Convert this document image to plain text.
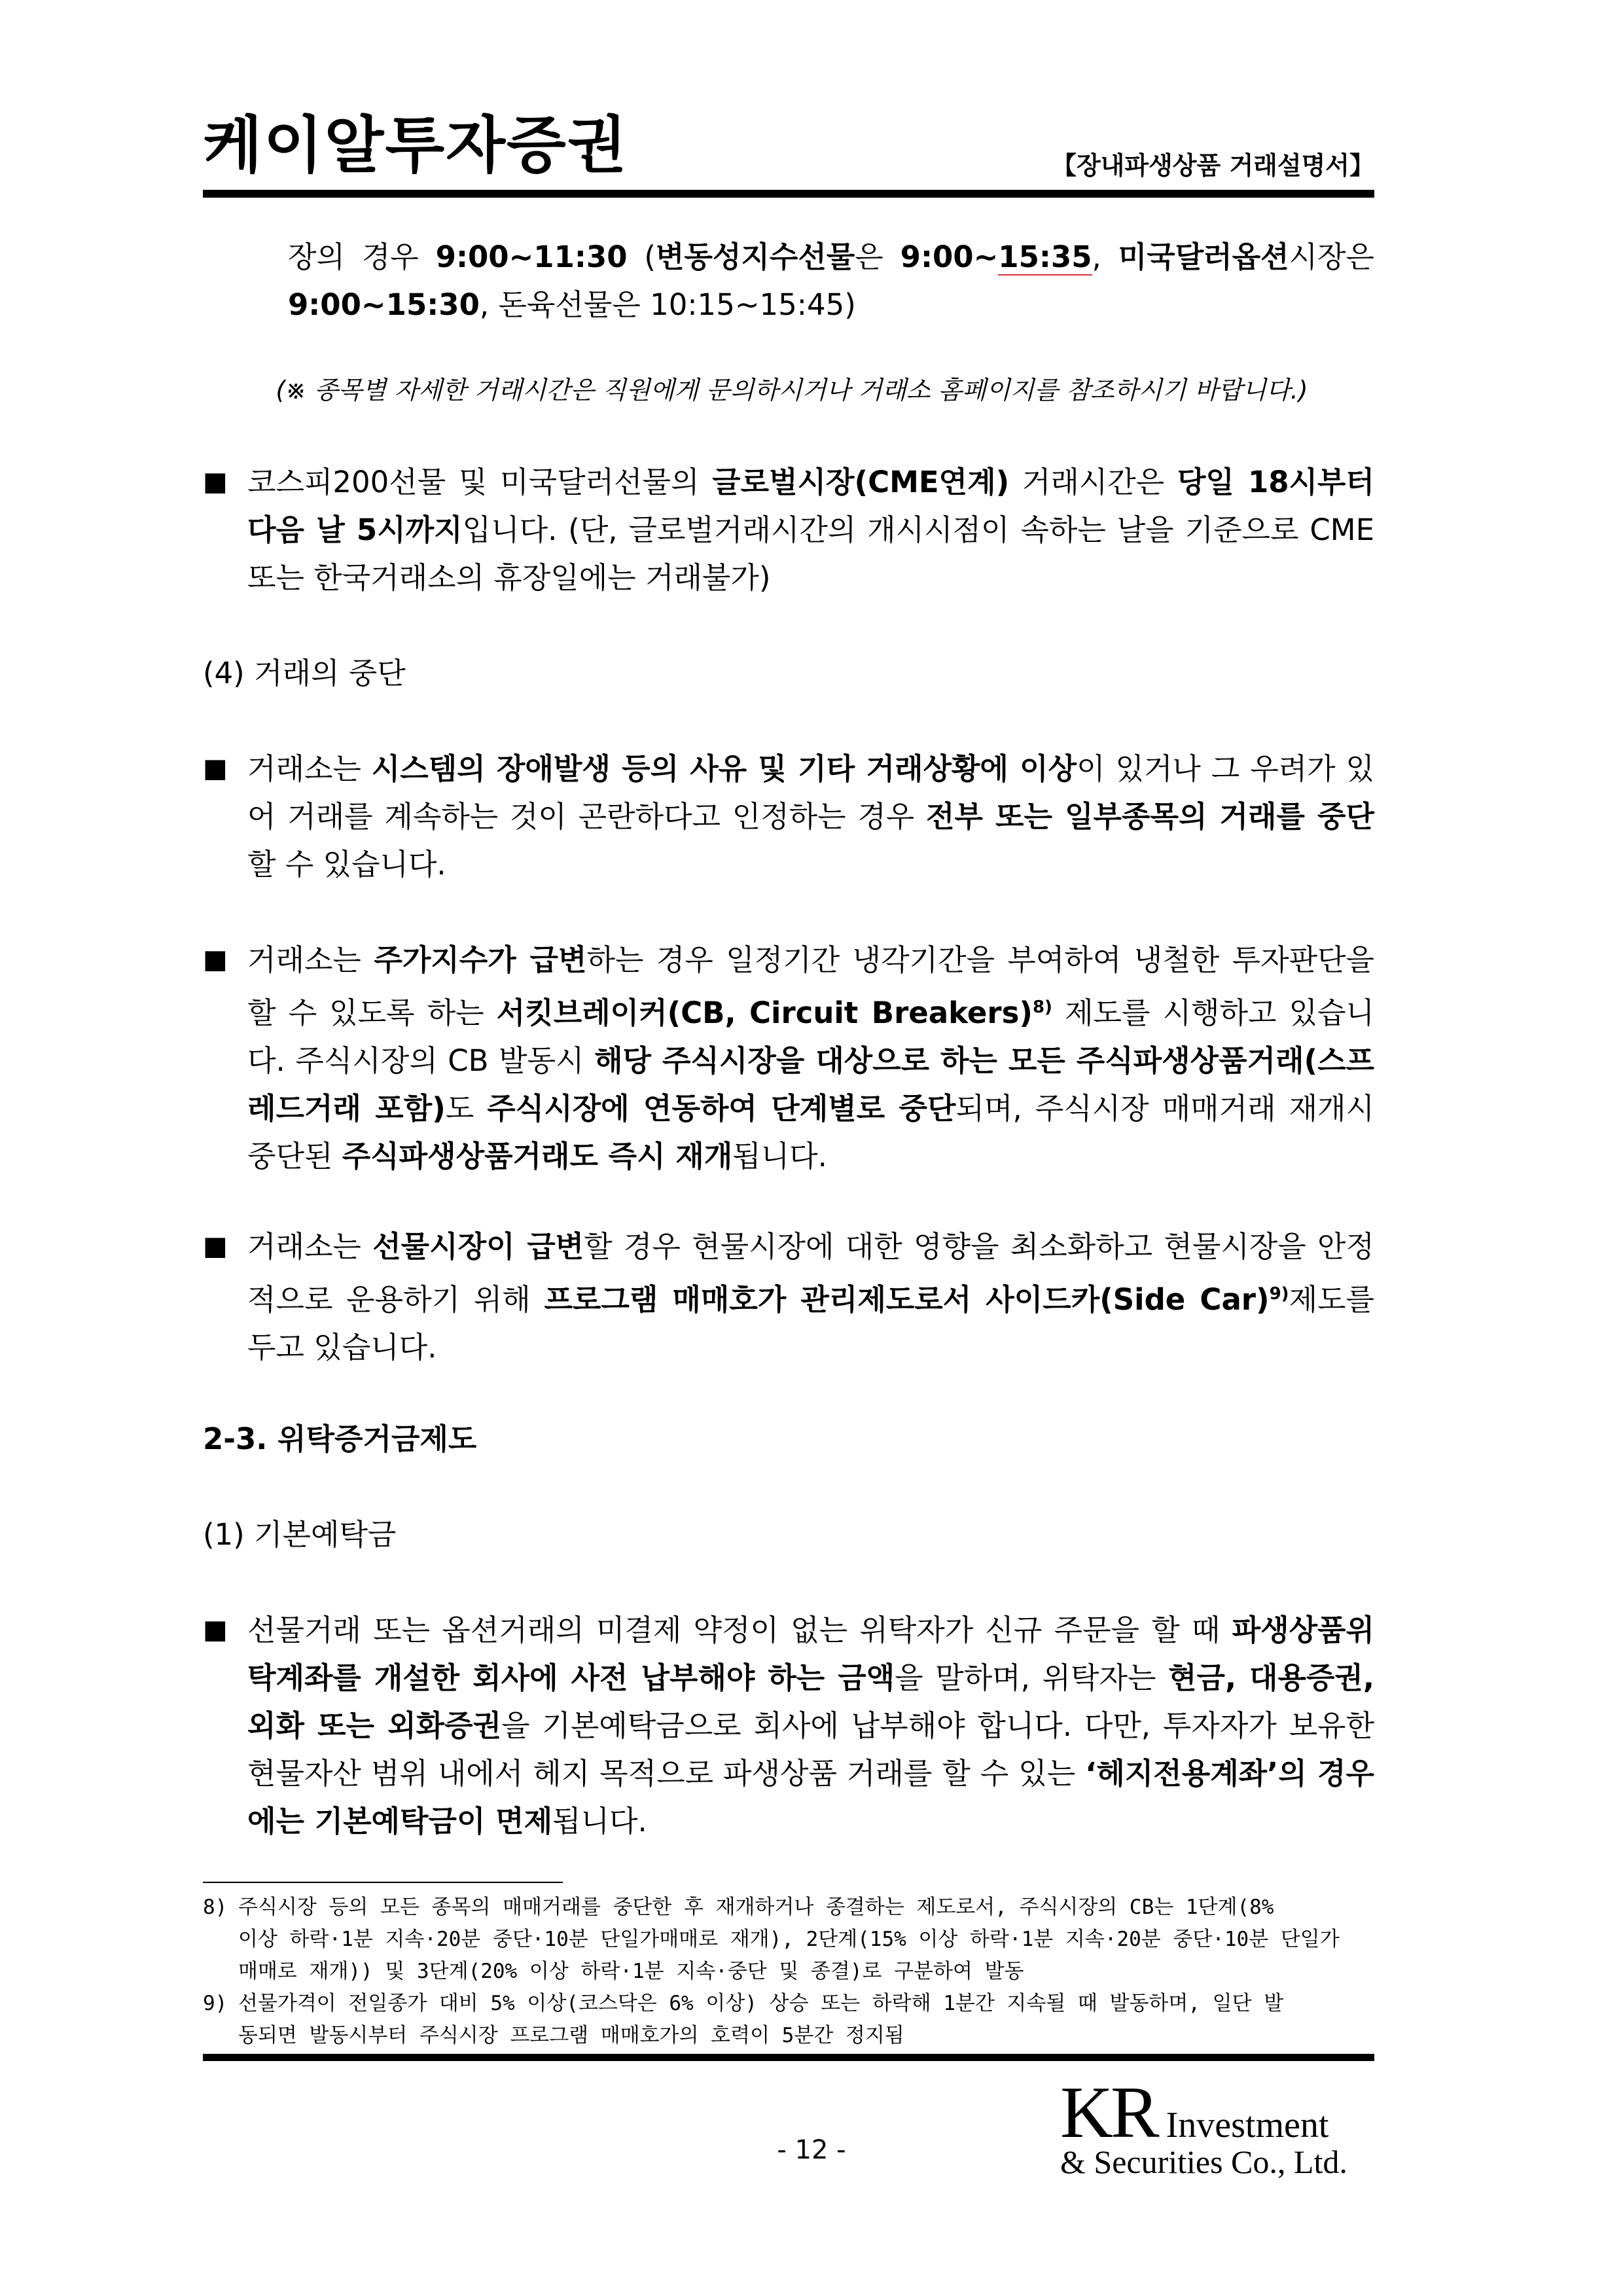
케이알투자증권	【장내파생상품 거래설명서】
장의 경우 9:00~11:30 (변동성지수선물은 9:00~15:35, 미국달러옵션시장은 9:00~15:30, 돈육선물은 10:15~15:45)
(※ 종목별 자세한 거래시간은 직원에게 문의하시거나 거래소 홈페이지를 참조하시기 바랍니다.)
■ 코스피200선물 및 미국달러선물의 글로벌시장(CME연계) 거래시간은 당일 18시부터 다음 날 5시까지입니다. (단, 글로벌거래시간의 개시시점이 속하는 날을 기준으로 CME 또는 한국거래소의 휴장일에는 거래불가)
(4) 거래의 중단
■ 거래소는 시스템의 장애발생 등의 사유 및 기타 거래상황에 이상이 있거나 그 우려가 있어 거래를 계속하는 것이 곤란하다고 인정하는 경우 전부 또는 일부종목의 거래를 중단할 수 있습니다.
■ 거래소는 주가지수가 급변하는 경우 일정기간 냉각기간을 부여하여 냉철한 투자판단을 할 수 있도록 하는 서킷브레이커(CB, Circuit Breakers)$^{8)}$ 제도를 시행하고 있습니다. 주식시장의 CB 발동시 해당 주식시장을 대상으로 하는 모든 주식파생상품거래(스프레드거래 포함)도 주식시장에 연동하여 단계별로 중단되며, 주식시장 매매거래 재개시 중단된 주식파생상품거래도 즉시 재개됩니다.
■ 거래소는 선물시장이 급변할 경우 현물시장에 대한 영향을 최소화하고 현물시장을 안정적으로 운용하기 위해 프로그램 매매호가 관리제도로서 사이드카(Side Car)$^{9)}$제도를 두고 있습니다.
2-3. 위탁증거금제도
(1) 기본예탁금
■ 선물거래 또는 옵션거래의 미결제 약정이 없는 위탁자가 신규 주문을 할 때 파생상품위탁계좌를 개설한 회사에 사전 납부해야 하는 금액을 말하며, 위탁자는 현금, 대용증권, 외화 또는 외화증권을 기본예탁금으로 회사에 납부해야 합니다. 다만, 투자자가 보유한 현물자산 범위 내에서 헤지 목적으로 파생상품 거래를 할 수 있는 ‘헤지전용계좌’의 경우에는 기본예탁금이 면제됩니다.
8) 주식시장 등의 모든 종목의 매매거래를 중단한 후 재개하거나 종결하는 제도로서, 주식시장의 CB는 1단계(8%
이상 하락·1분 지속·20분 중단·10분 단일가매매로 재개), 2단계(15% 이상 하락·1분 지속·20분 중단·10분 단일가
매매로 재개)) 및 3단계(20% 이상 하락·1분 지속·중단 및 종결)로 구분하여 발동
9) 선물가격이 전일종가 대비 5% 이상(코스닥은 6% 이상) 상승 또는 하락해 1분간 지속될 때 발동하며, 일단 발
동되면 발동시부터 주식시장 프로그램 매매호가의 호력이 5분간 정지됨
- 12 -	KR Investment
& Securities Co., Ltd.
